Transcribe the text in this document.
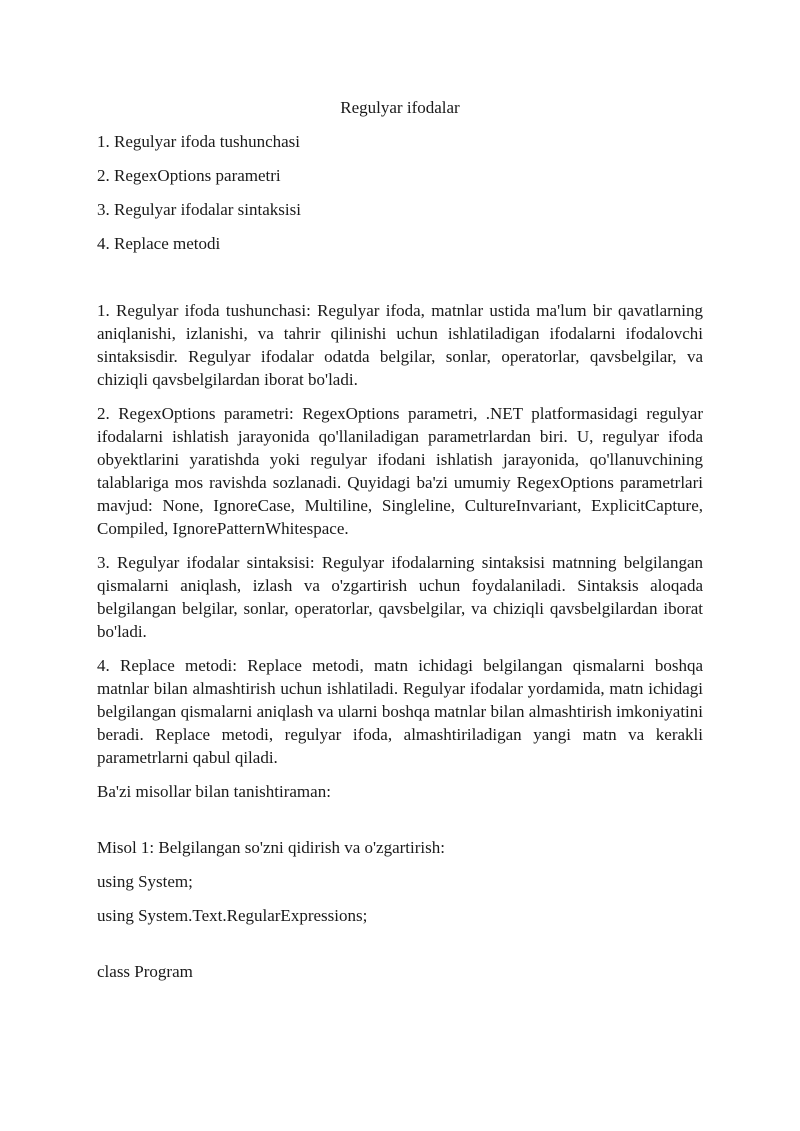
Regulyar ifodalar
1. Regulyar ifoda tushunchasi
2. RegexOptions parametri
3. Regulyar ifodalar sintaksisi
4. Replace metodi
1. Regulyar ifoda tushunchasi: Regulyar ifoda, matnlar ustida ma'lum bir qavatlarning aniqlanishi, izlanishi, va tahrir qilinishi uchun ishlatiladigan ifodalarni ifodalovchi sintaksisdir. Regulyar ifodalar odatda belgilar, sonlar, operatorlar, qavsbelgilar, va chiziqli qavsbelgilardan iborat bo'ladi.
2. RegexOptions parametri: RegexOptions parametri, .NET platformasidagi regulyar ifodalarni ishlatish jarayonida qo'llaniladigan parametrlardan biri. U, regulyar ifoda obyektlarini yaratishda yoki regulyar ifodani ishlatish jarayonida, qo'llanuvchining talablariga mos ravishda sozlanadi. Quyidagi ba'zi umumiy RegexOptions parametrlari mavjud: None, IgnoreCase, Multiline, Singleline, CultureInvariant, ExplicitCapture, Compiled, IgnorePatternWhitespace.
3. Regulyar ifodalar sintaksisi: Regulyar ifodalarning sintaksisi matnning belgilangan qismalarni aniqlash, izlash va o'zgartirish uchun foydalaniladi. Sintaksis aloqada belgilangan belgilar, sonlar, operatorlar, qavsbelgilar, va chiziqli qavsbelgilardan iborat bo'ladi.
4. Replace metodi: Replace metodi, matn ichidagi belgilangan qismalarni boshqa matnlar bilan almashtirish uchun ishlatiladi. Regulyar ifodalar yordamida, matn ichidagi belgilangan qismalarni aniqlash va ularni boshqa matnlar bilan almashtirish imkoniyatini beradi. Replace metodi, regulyar ifoda, almashtiriladigan yangi matn va kerakli parametrlarni qabul qiladi.
Ba'zi misollar bilan tanishtiraman:
Misol 1: Belgilangan so'zni qidirish va o'zgartirish:
using System;
using System.Text.RegularExpressions;
class Program
